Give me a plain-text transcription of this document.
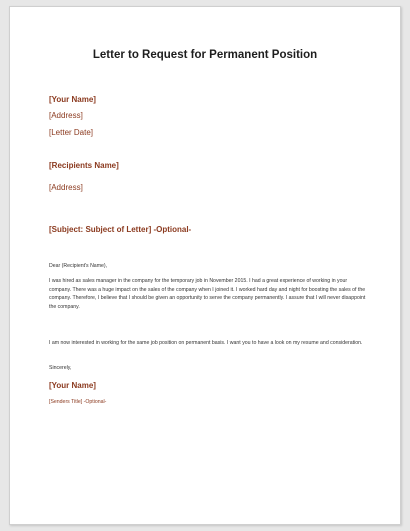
Letter to Request for Permanent Position
[Your Name]
[Address]
[Letter Date]
[Recipients Name]
[Address]
[Subject: Subject of Letter] -Optional-
Dear (Recipient's Name),
I was hired as sales manager in the company for the temporary job in November 2015. I had a great experience of working in your company. There was a huge impact on the sales of the company when I joined it. I worked hard day and night for boosting the sales of the company. Therefore, I believe that I should be given an opportunity to serve the company permanently. I assure that I will never disappoint the company.
I am now interested in working for the same job position on permanent basis. I want you to have a look on my resume and consideration.
Sincerely,
[Your Name]
[Senders Title] -Optional-
